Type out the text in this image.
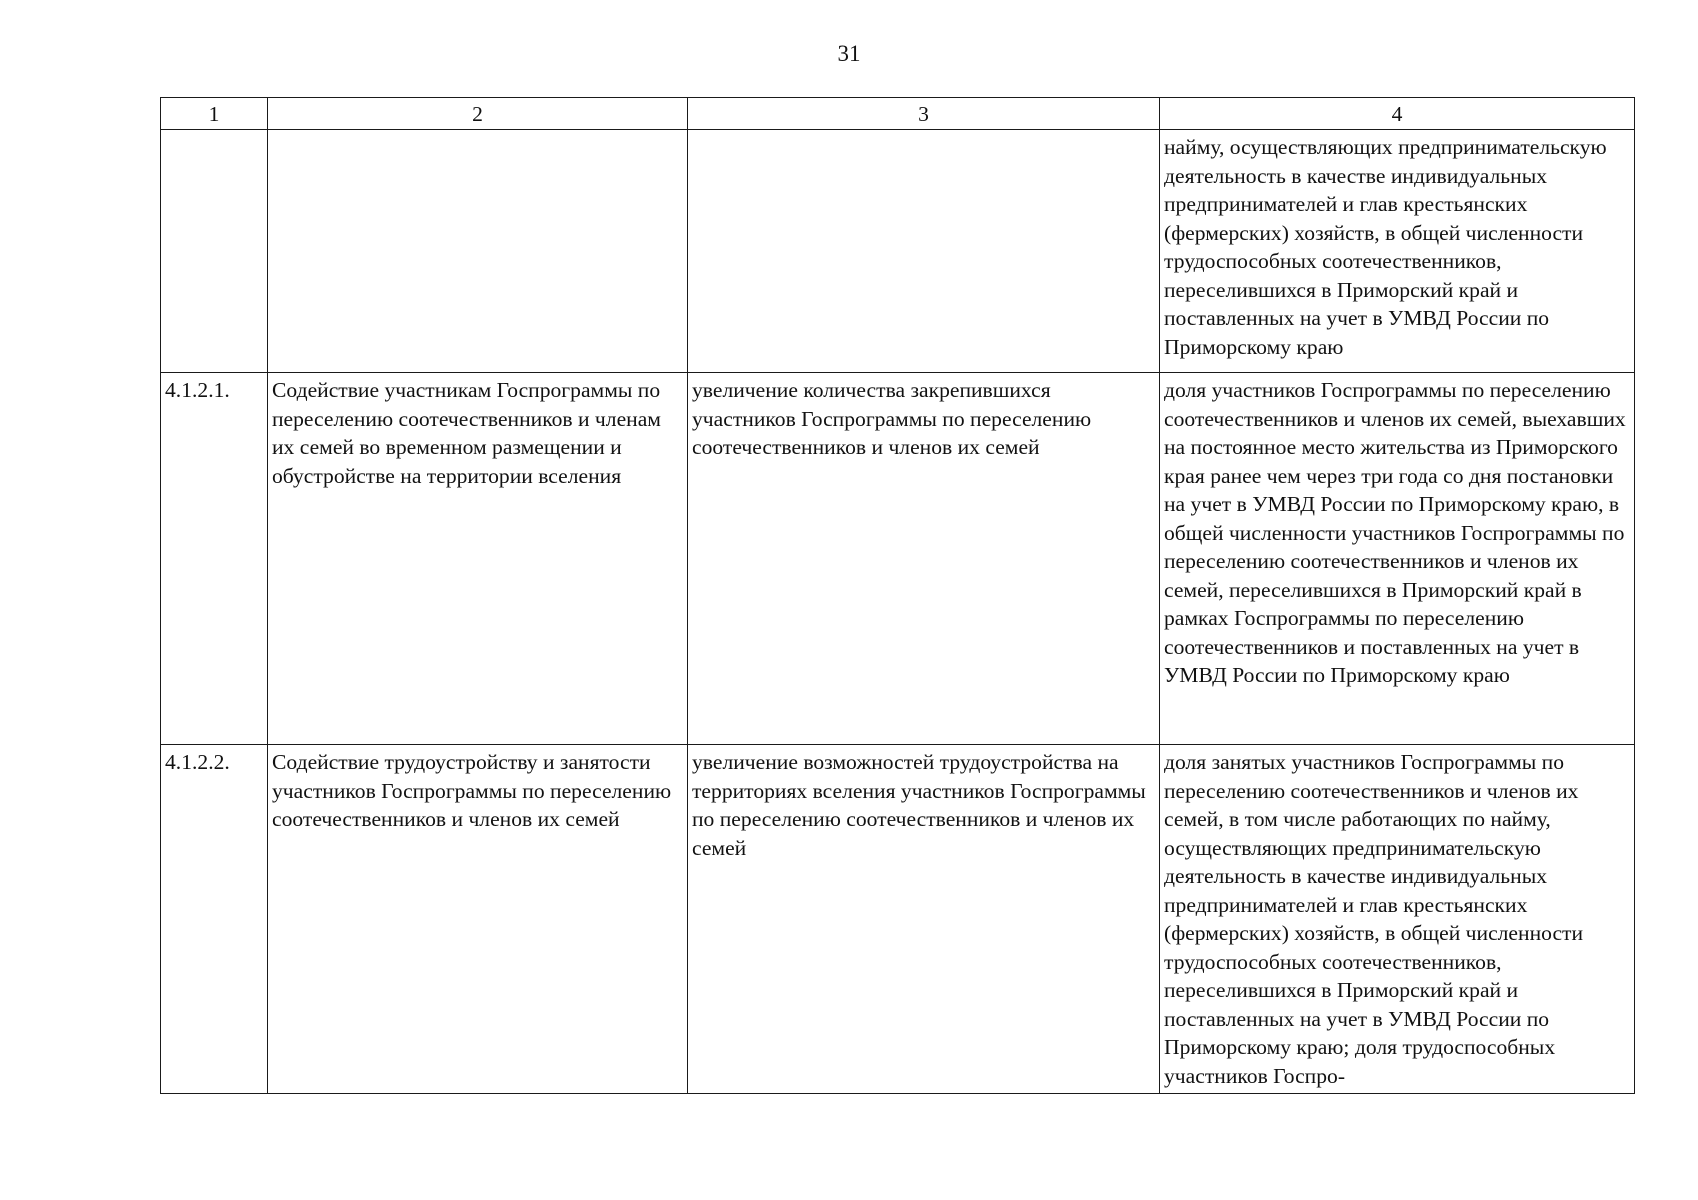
31
1	2	3	4

			найму, осуществляющих предпринимательскую деятельность в качестве индивидуальных предпринимателей и глав крестьянских (фермерских) хозяйств, в общей численности трудоспособных соотечественников, переселившихся в Приморский край и поставленных на учет в УМВД России по Приморскому краю

4.1.2.1.	Содействие участникам Госпрограммы по переселению соотечественников и членам их семей во временном размещении и обустройстве на территории вселения	увеличение количества закрепившихся участников Госпрограммы по переселению соотечественников и членов их семей	доля участников Госпрограммы по переселению соотечественников и членов их семей, выехавших на постоянное место жительства из Приморского края ранее чем через три года со дня постановки на учет в УМВД России по Приморскому краю, в общей численности участников Госпрограммы по переселению соотечественников и членов их семей, переселившихся в Приморский край в рамках Госпрограммы по переселению соотечественников и поставленных на учет в УМВД России по Приморскому краю

4.1.2.2.	Содействие трудоустройству и занятости участников Госпрограммы по переселению соотечественников и членов их семей	увеличение возможностей трудоустройства на территориях вселения участников Госпрограммы по переселению соотечественников и членов их семей	доля занятых участников Госпрограммы по переселению соотечественников и членов их семей, в том числе работающих по найму, осуществляющих предпринимательскую деятельность в качестве индивидуальных предпринимателей и глав крестьянских (фермерских) хозяйств, в общей численности трудоспособных соотечественников, переселившихся в Приморский край и поставленных на учет в УМВД России по Приморскому краю; доля трудоспособных участников Госпро-
